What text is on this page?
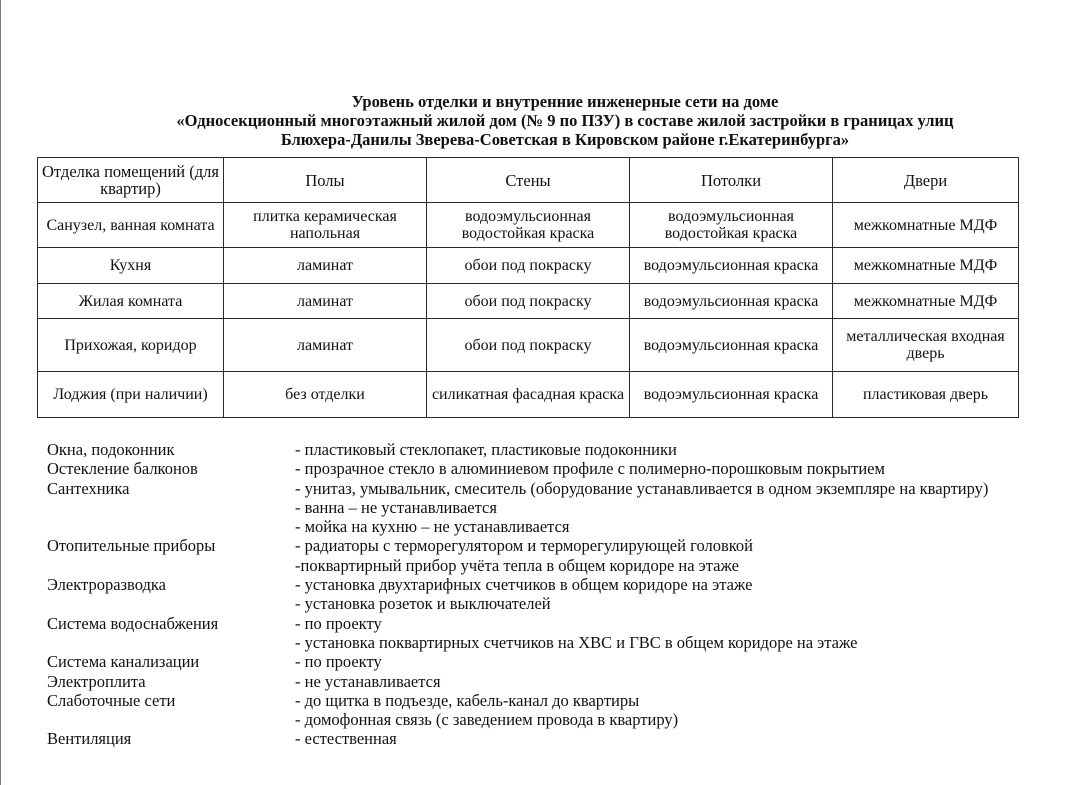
Уровень отделки и внутренние инженерные сети на доме
«Односекционный многоэтажный жилой дом (№ 9 по ПЗУ) в составе жилой застройки в границах улиц
Блюхера-Данилы Зверева-Советская в Кировском районе г.Екатеринбурга»
Отделка помещений (для квартир)	Полы	Стены	Потолки	Двери
Санузел, ванная комната	плитка керамическая напольная	водоэмульсионная водостойкая краска	водоэмульсионная водостойкая краска	межкомнатные МДФ
Кухня	ламинат	обои под покраску	водоэмульсионная краска	межкомнатные МДФ
Жилая комната	ламинат	обои под покраску	водоэмульсионная краска	межкомнатные МДФ
Прихожая, коридор	ламинат	обои под покраску	водоэмульсионная краска	металлическая входная дверь
Лоджия (при наличии)	без отделки	силикатная фасадная краска	водоэмульсионная краска	пластиковая дверь
Окна, подоконник	- пластиковый стеклопакет, пластиковые подоконники
Остекление балконов	- прозрачное стекло в алюминиевом профиле с полимерно-порошковым покрытием
Сантехника	- унитаз, умывальник, смеситель (оборудование устанавливается в одном экземпляре на квартиру)
- ванна – не устанавливается
- мойка на кухню – не устанавливается
Отопительные приборы	- радиаторы с терморегулятором и терморегулирующей головкой
-поквартирный прибор учёта тепла в общем коридоре на этаже
Электроразводка	- установка двухтарифных счетчиков в общем коридоре на этаже
- установка розеток и выключателей
Система водоснабжения	- по проекту
- установка поквартирных счетчиков на ХВС и ГВС в общем коридоре на этаже
Система канализации	- по проекту
Электроплита	- не устанавливается
Слаботочные сети	- до щитка в подъезде, кабель-канал до квартиры
- домофонная связь (с заведением провода в квартиру)
Вентиляция	- естественная
